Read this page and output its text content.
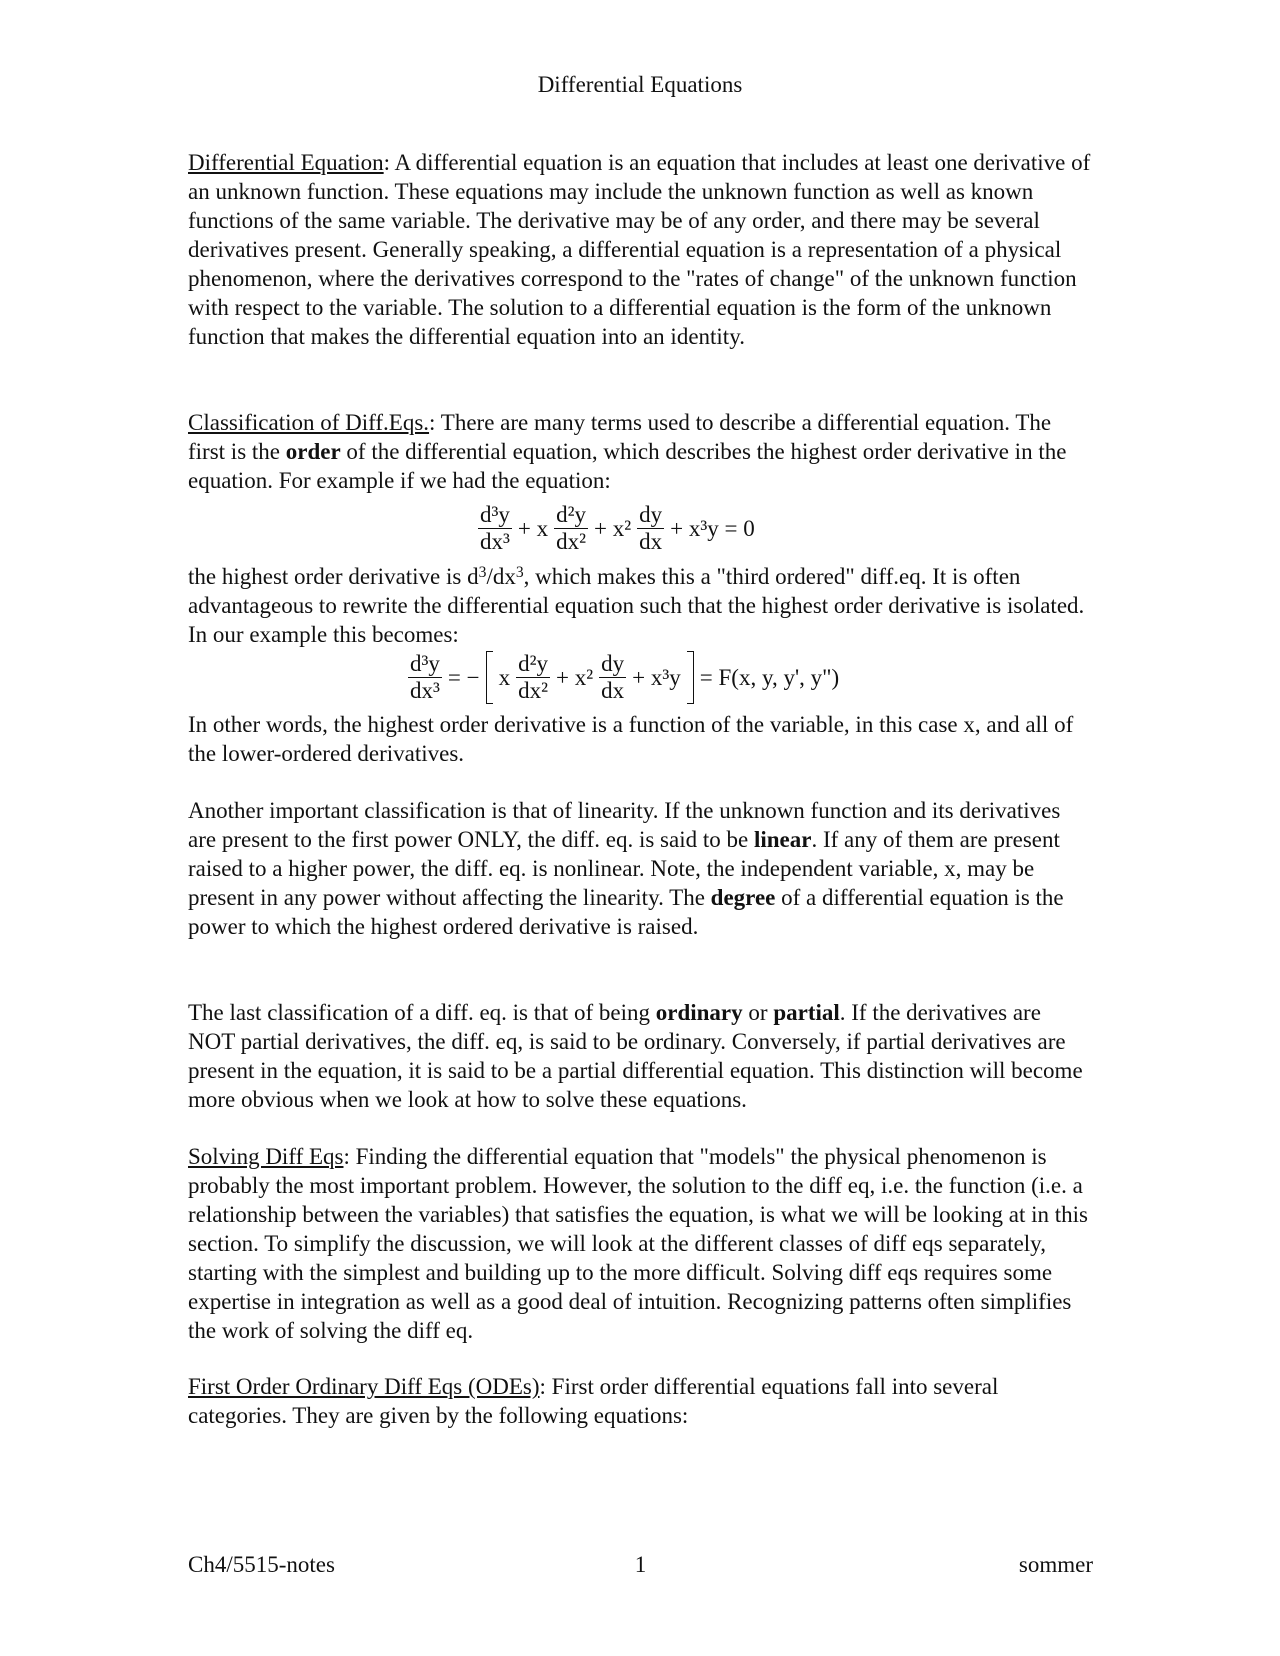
Differential Equations

Differential Equation: A differential equation is an equation that includes at least one derivative of an unknown function. These equations may include the unknown function as well as known functions of the same variable. The derivative may be of any order, and there may be several derivatives present. Generally speaking, a differential equation is a representation of a physical phenomenon, where the derivatives correspond to the "rates of change" of the unknown function with respect to the variable. The solution to a differential equation is the form of the unknown function that makes the differential equation into an identity.

Classification of Diff.Eqs.: There are many terms used to describe a differential equation. The first is the order of the differential equation, which describes the highest order derivative in the equation. For example if we had the equation:

$\frac{\text{d³y}}{\text{dx³}} + x \frac{\text{d²y}}{\text{dx²}} + x^2 \frac{dy}{dx} + x^3y = 0$

the highest order derivative is $d^3/dx^3$, which makes this a "third ordered" diff.eq. It is often advantageous to rewrite the differential equation such that the highest order derivative is isolated. In our example this becomes:

$\frac{\text{d³y}}{\text{dx³}}$ = − x $\frac{\text{d²y}}{\text{dx²}} + x^2 \frac{dy}{dx} + x^3y = F(x$, y, y', y")

In other words, the highest order derivative is a function of the variable, in this case x, and all of the lower-ordered derivatives.

Another important classification is that of linearity. If the unknown function and its derivatives are present to the first power ONLY, the diff. eq. is said to be linear. If any of them are present raised to a higher power, the diff. eq. is nonlinear. Note, the independent variable, x, may be present in any power without affecting the linearity. The degree of a differential equation is the power to which the highest ordered derivative is raised.

The last classification of a diff. eq. is that of being ordinary or partial. If the derivatives are NOT partial derivatives, the diff. eq, is said to be ordinary. Conversely, if partial derivatives are present in the equation, it is said to be a partial differential equation. This distinction will become more obvious when we look at how to solve these equations.

Solving Diff Eqs: Finding the differential equation that "models" the physical phenomenon is probably the most important problem. However, the solution to the diff eq, i.e. the function (i.e. a relationship between the variables) that satisfies the equation, is what we will be looking at in this section. To simplify the discussion, we will look at the different classes of diff eqs separately, starting with the simplest and building up to the more difficult. Solving diff eqs requires some expertise in integration as well as a good deal of intuition. Recognizing patterns often simplifies the work of solving the diff eq.

First Order Ordinary Diff Eqs (ODEs): First order differential equations fall into several categories. They are given by the following equations:

Ch4/5515-notes	1	sommer
